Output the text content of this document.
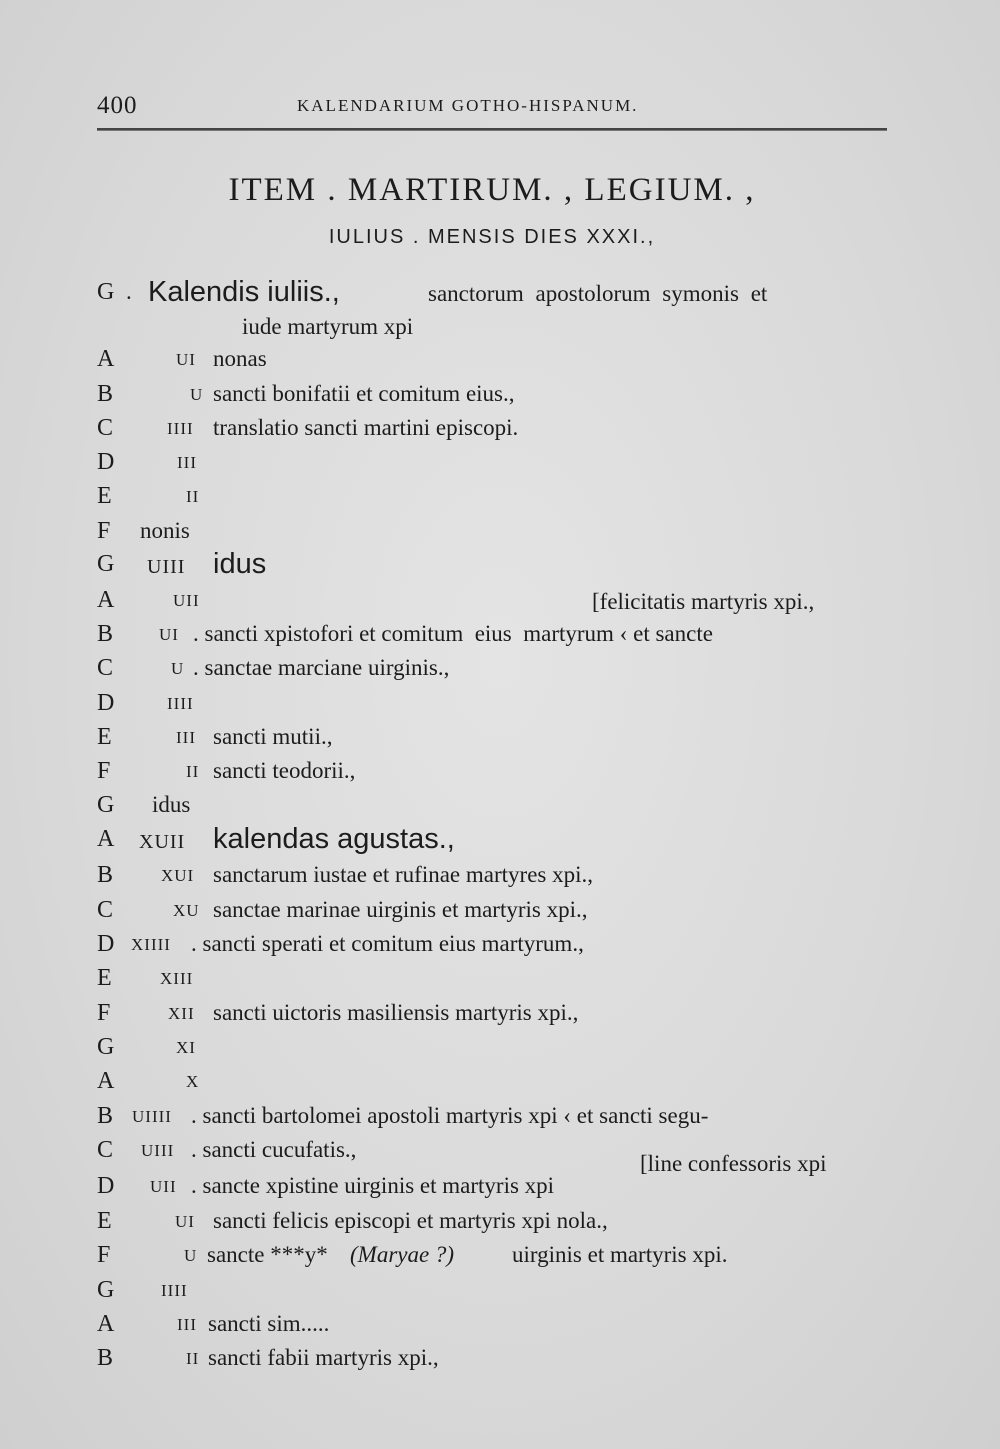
400	KALENDARIUM GOTHO-HISPANUM.
ITEM . MARTIRUM. , LEGIUM. ,
IULIUS . MENSIS DIES XXXI.,
G . Kalendis iuliis.,	sanctorum apostolorum symonis et
iude martyrum xpi
A	UI nonas
B	U sancti bonifatii et comitum eius.,
C	IIII translatio sancti martini episcopi.
D	III
E	II
F nonis
G UIII idus
A	UII	[felicitatis martyris xpi.,
B	UI . sancti xpistofori et comitum  eius  martyrum ‹ et sancte
C	U . sanctae marciane uirginis.,
D	IIII
E	III sancti mutii.,
F	II sancti teodorii.,
G idus
A XUII kalendas agustas.,
B	XUI sanctarum iustae et rufinae martyres xpi.,
C	XU sanctae marinae uirginis et martyris xpi.,
D XIIII . sancti sperati et comitum eius martyrum.,
E	XIII
F	XII sancti uictoris masiliensis martyris xpi.,
G	XI
A	X
B UIIII . sancti bartolomei apostoli martyris xpi ‹ et sancti segu-
C UIII . sancti cucufatis.,
[line confessoris xpi
D UII . sancte xpistine uirginis et martyris xpi
E	UI sancti felicis episcopi et martyris xpi nola.,
F	U sancte ***y* (Maryae ?)	uirginis et martyris xpi.
G	IIII
A	III sancti sim.....
B	II sancti fabii martyris xpi.,
